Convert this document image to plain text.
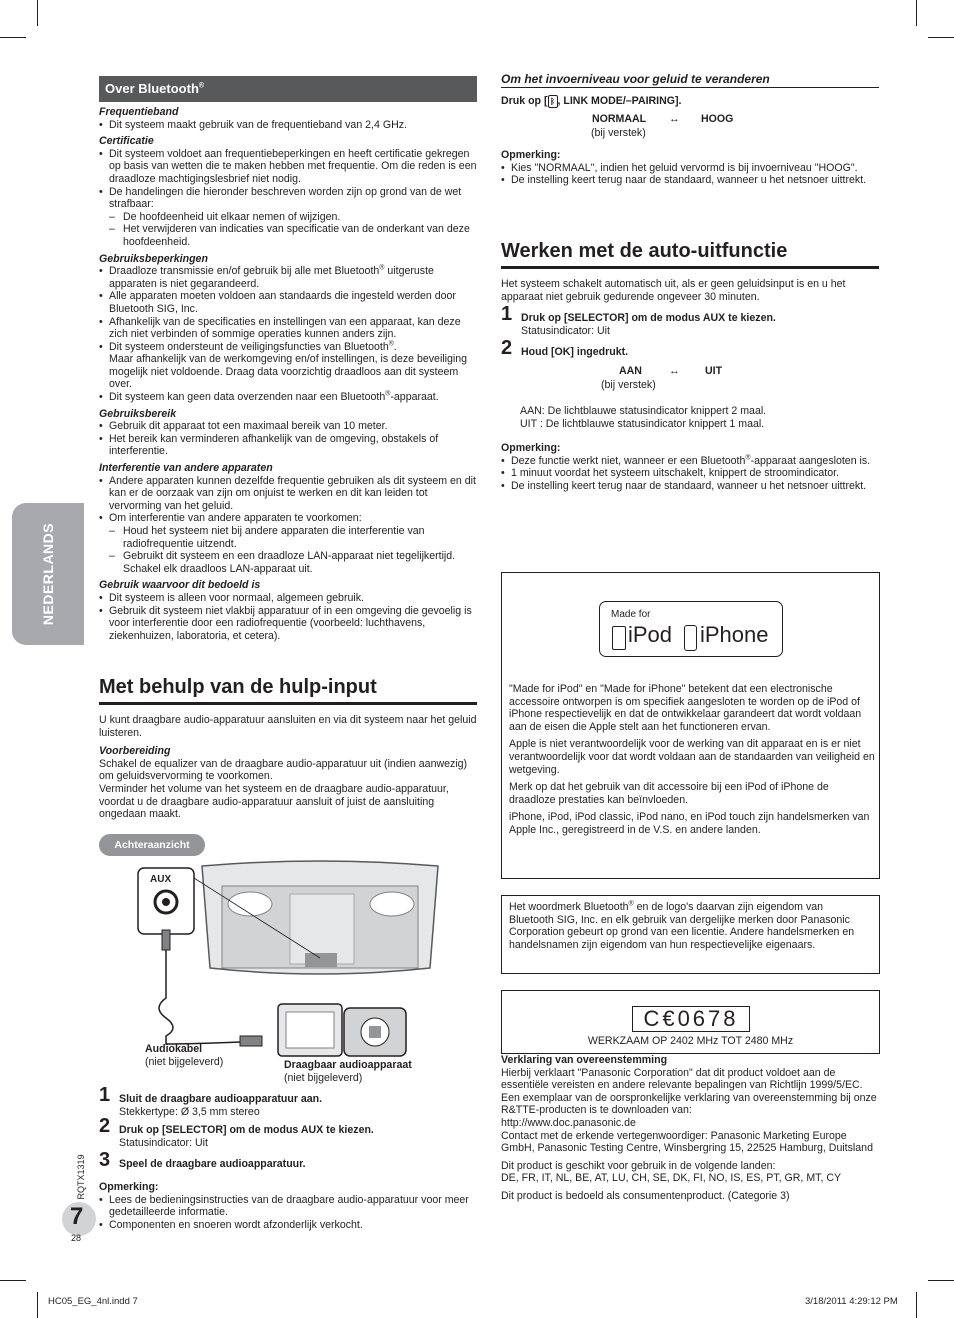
NEDERLANDS
RQTX1319
7
28
Over Bluetooth®
Frequentieband
• Dit systeem maakt gebruik van de frequentieband van 2,4 GHz.
Certificatie
• Dit systeem voldoet aan frequentiebeperkingen en heeft certificatie gekregen op basis van wetten die te maken hebben met frequentie. Om die reden is een draadloze machtigingslesbrief niet nodig.
• De handelingen die hieronder beschreven worden zijn op grond van de wet strafbaar:
– De hoofdeenheid uit elkaar nemen of wijzigen.
– Het verwijderen van indicaties van specificatie van de onderkant van deze hoofdeenheid.
Gebruiksbeperkingen
• Draadloze transmissie en/of gebruik bij alle met Bluetooth® uitgeruste apparaten is niet gegarandeerd.
• Alle apparaten moeten voldoen aan standaards die ingesteld werden door Bluetooth SIG, Inc.
• Afhankelijk van de specificaties en instellingen van een apparaat, kan deze zich niet verbinden of sommige operaties kunnen anders zijn.
• Dit systeem ondersteunt de veiligingsfuncties van Bluetooth®.
Maar afhankelijk van de werkomgeving en/of instellingen, is deze beveiliging mogelijk niet voldoende. Draag data voorzichtig draadloos aan dit systeem over.
• Dit systeem kan geen data overzenden naar een Bluetooth®-apparaat.
Gebruiksbereik
• Gebruik dit apparaat tot een maximaal bereik van 10 meter.
• Het bereik kan verminderen afhankelijk van de omgeving, obstakels of interferentie.
Interferentie van andere apparaten
• Andere apparaten kunnen dezelfde frequentie gebruiken als dit systeem en dit kan er de oorzaak van zijn om onjuist te werken en dit kan leiden tot vervorming van het geluid.
• Om interferentie van andere apparaten te voorkomen:
– Houd het systeem niet bij andere apparaten die interferentie van radiofrequentie uitzendt.
– Gebruikt dit systeem en een draadloze LAN-apparaat niet tegelijkertijd. Schakel elk draadloos LAN-apparaat uit.
Gebruik waarvoor dit bedoeld is
• Dit systeem is alleen voor normaal, algemeen gebruik.
• Gebruik dit systeem niet vlakbij apparatuur of in een omgeving die gevoelig is voor interferentie door een radiofrequentie (voorbeeld: luchthavens, ziekenhuizen, laboratoria, et cetera).
Met behulp van de hulp-input
U kunt draagbare audio-apparatuur aansluiten en via dit systeem naar het geluid luisteren.
Voorbereiding
Schakel de equalizer van de draagbare audio-apparatuur uit (indien aanwezig) om geluidsvervorming te voorkomen.
Verminder het volume van het systeem en de draagbare audio-apparatuur, voordat u de draagbare audio-apparatuur aansluit of juist de aansluiting ongedaan maakt.
Achteraanzicht
AUX
Audiokabel
(niet bijgeleverd)	Draagbaar audioapparaat
(niet bijgeleverd)
1 Sluit de draagbare audioapparatuur aan.
Stekkertype: Ø 3,5 mm stereo
2 Druk op [SELECTOR] om de modus AUX te kiezen.
Statusindicator: Uit
3 Speel de draagbare audioapparatuur.
Opmerking:
• Lees de bedieningsinstructies van de draagbare audio-apparatuur voor meer gedetailleerde informatie.
• Componenten en snoeren wordt afzonderlijk verkocht.
Om het invoerniveau voor geluid te veranderen
Druk op [ ᛒ , LINK MODE/–PAIRING].
NORMAAL ↔ HOOG
(bij verstek)
Opmerking:
• Kies "NORMAAL", indien het geluid vervormd is bij invoerniveau "HOOG".
• De instelling keert terug naar de standaard, wanneer u het netsnoer uittrekt.
Werken met de auto-uitfunctie
Het systeem schakelt automatisch uit, als er geen geluidsinput is en u het apparaat niet gebruik gedurende ongeveer 30 minuten.
1 Druk op [SELECTOR] om de modus AUX te kiezen.
Statusindicator: Uit
2 Houd [OK] ingedrukt.
AAN	↔ UIT
(bij verstek)
AAN: De lichtblauwe statusindicator knippert 2 maal.
UIT : De lichtblauwe statusindicator knippert 1 maal.
Opmerking:
• Deze functie werkt niet, wanneer er een Bluetooth®-apparaat aangesloten is.
• 1 minuut voordat het systeem uitschakelt, knippert de stroomindicator.
• De instelling keert terug naar de standaard, wanneer u het netsnoer uittrekt.
Made for
iPod iPhone
"Made for iPod" en "Made for iPhone" betekent dat een electronische accessoire ontworpen is om specifiek aangesloten te worden op de iPod of iPhone respectievelijk en dat de ontwikkelaar garandeert dat wordt voldaan aan de eisen die Apple stelt aan het functioneren ervan.
Apple is niet verantwoordelijk voor de werking van dit apparaat en is er niet verantwoordelijk voor dat wordt voldaan aan de standaarden van veiligheid en wetgeving.
Merk op dat het gebruik van dit accessoire bij een iPod of iPhone de draadloze prestaties kan beïnvloeden.
iPhone, iPod, iPod classic, iPod nano, en iPod touch zijn handelsmerken van Apple Inc., geregistreerd in de V.S. en andere landen.
Het woordmerk Bluetooth® en de logo's daarvan zijn eigendom van Bluetooth SIG, Inc. en elk gebruik van dergelijke merken door Panasonic Corporation gebeurt op grond van een licentie. Andere handelsmerken en handelsnamen zijn eigendom van hun respectievelijke eigenaars.
C€0678
WERKZAAM OP 2402 MHz TOT 2480 MHz
Verklaring van overeenstemming
Hierbij verklaart "Panasonic Corporation" dat dit product voldoet aan de essentiële vereisten en andere relevante bepalingen van Richtlijn 1999/5/EC.
Een exemplaar van de oorspronkelijke verklaring van overeenstemming bij onze R&TTE-producten is te downloaden van:
http://www.doc.panasonic.de
Contact met de erkende vertegenwoordiger: Panasonic Marketing Europe GmbH, Panasonic Testing Centre, Winsbergring 15, 22525 Hamburg, Duitsland
Dit product is geschikt voor gebruik in de volgende landen:
DE, FR, IT, NL, BE, AT, LU, CH, SE, DK, FI, NO, IS, ES, PT, GR, MT, CY
Dit product is bedoeld als consumentenproduct. (Categorie 3)
HC05_EG_4nl.indd 7	3/18/2011 4:29:12 PM
